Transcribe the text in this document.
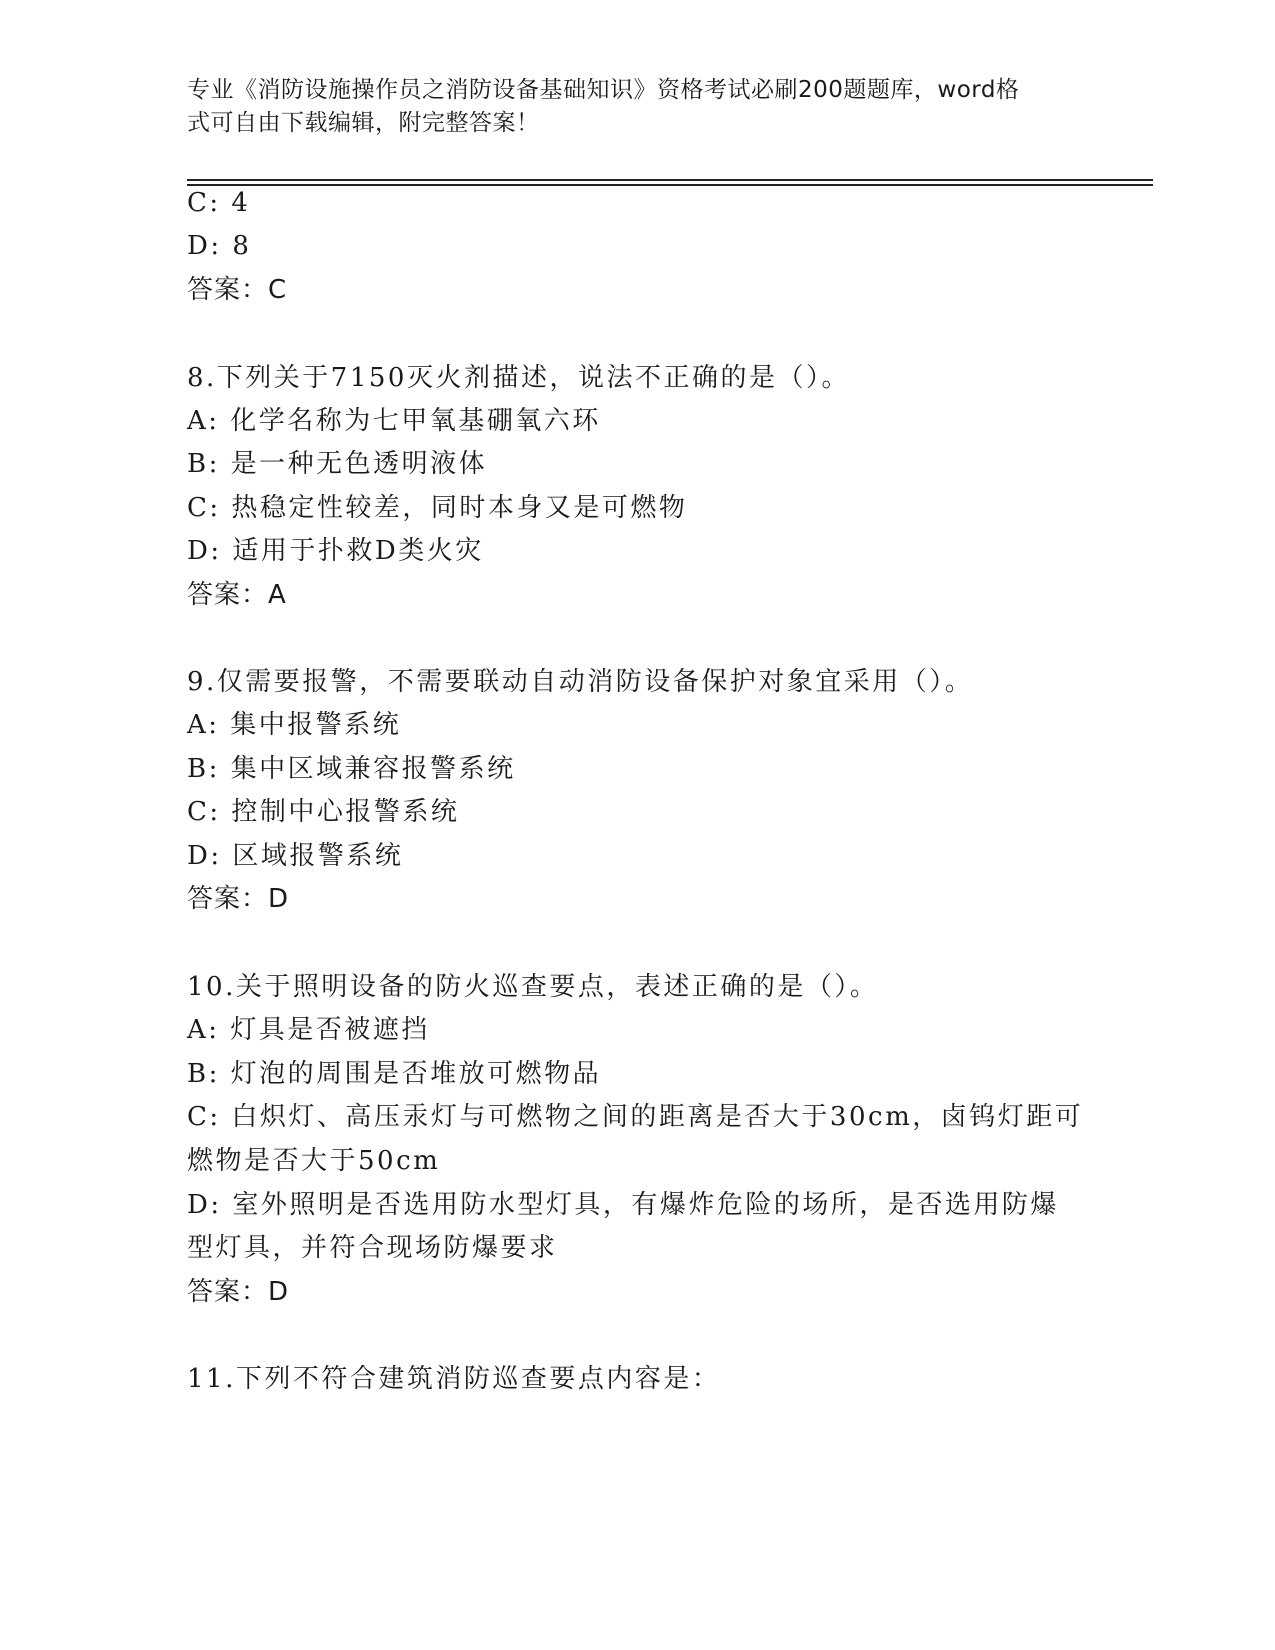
专业《消防设施操作员之消防设备基础知识》资格考试必刷200题题库，word格
式可自由下载编辑，附完整答案！
C: 4
D: 8
答案：C
8.下列关于7150灭火剂描述，说法不正确的是（）。
A: 化学名称为七甲氧基硼氧六环
B: 是一种无色透明液体
C: 热稳定性较差，同时本身又是可燃物
D: 适用于扑救D类火灾
答案：A
9.仅需要报警，不需要联动自动消防设备保护对象宜采用（）。
A: 集中报警系统
B: 集中区域兼容报警系统
C: 控制中心报警系统
D: 区域报警系统
答案：D
10.关于照明设备的防火巡查要点，表述正确的是（）。
A: 灯具是否被遮挡
B: 灯泡的周围是否堆放可燃物品
C: 白炽灯、高压汞灯与可燃物之间的距离是否大于30cm，卤钨灯距可
燃物是否大于50cm
D: 室外照明是否选用防水型灯具，有爆炸危险的场所，是否选用防爆
型灯具，并符合现场防爆要求
答案：D
11.下列不符合建筑消防巡查要点内容是：
